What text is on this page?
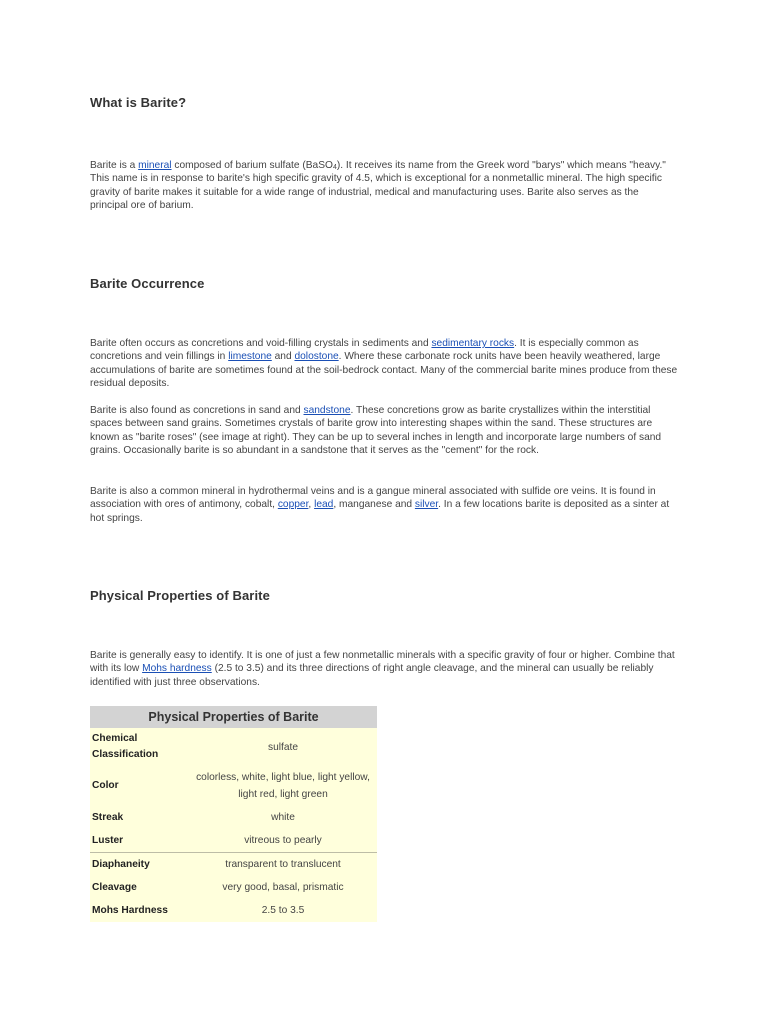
What is Barite?

Barite is a mineral composed of barium sulfate (BaSO$_4$). It receives its name from the Greek word "barys" which means "heavy." This name is in response to barite's high specific gravity of 4.5, which is exceptional for a nonmetallic mineral. The high specific gravity of barite makes it suitable for a wide range of industrial, medical and manufacturing uses. Barite also serves as the principal ore of barium.

Barite Occurrence

Barite often occurs as concretions and void-filling crystals in sediments and sedimentary rocks. It is especially common as concretions and vein fillings in limestone and dolostone. Where these carbonate rock units have been heavily weathered, large accumulations of barite are sometimes found at the soil-bedrock contact. Many of the commercial barite mines produce from these residual deposits.

Barite is also found as concretions in sand and sandstone. These concretions grow as barite crystallizes within the interstitial spaces between sand grains. Sometimes crystals of barite grow into interesting shapes within the sand. These structures are known as "barite roses" (see image at right). They can be up to several inches in length and incorporate large numbers of sand grains. Occasionally barite is so abundant in a sandstone that it serves as the "cement" for the rock.

Barite is also a common mineral in hydrothermal veins and is a gangue mineral associated with sulfide ore veins. It is found in association with ores of antimony, cobalt, copper, lead, manganese and silver. In a few locations barite is deposited as a sinter at hot springs.

Physical Properties of Barite

Barite is generally easy to identify. It is one of just a few nonmetallic minerals with a specific gravity of four or higher. Combine that with its low Mohs hardness (2.5 to 3.5) and its three directions of right angle cleavage, and the mineral can usually be reliably identified with just three observations.

Physical Properties of Barite
Chemical Classification	sulfate
Color	colorless, white, light blue, light yellow, light red, light green
Streak	white
Luster	vitreous to pearly
Diaphaneity	transparent to translucent
Cleavage	very good, basal, prismatic
Mohs Hardness	2.5 to 3.5
